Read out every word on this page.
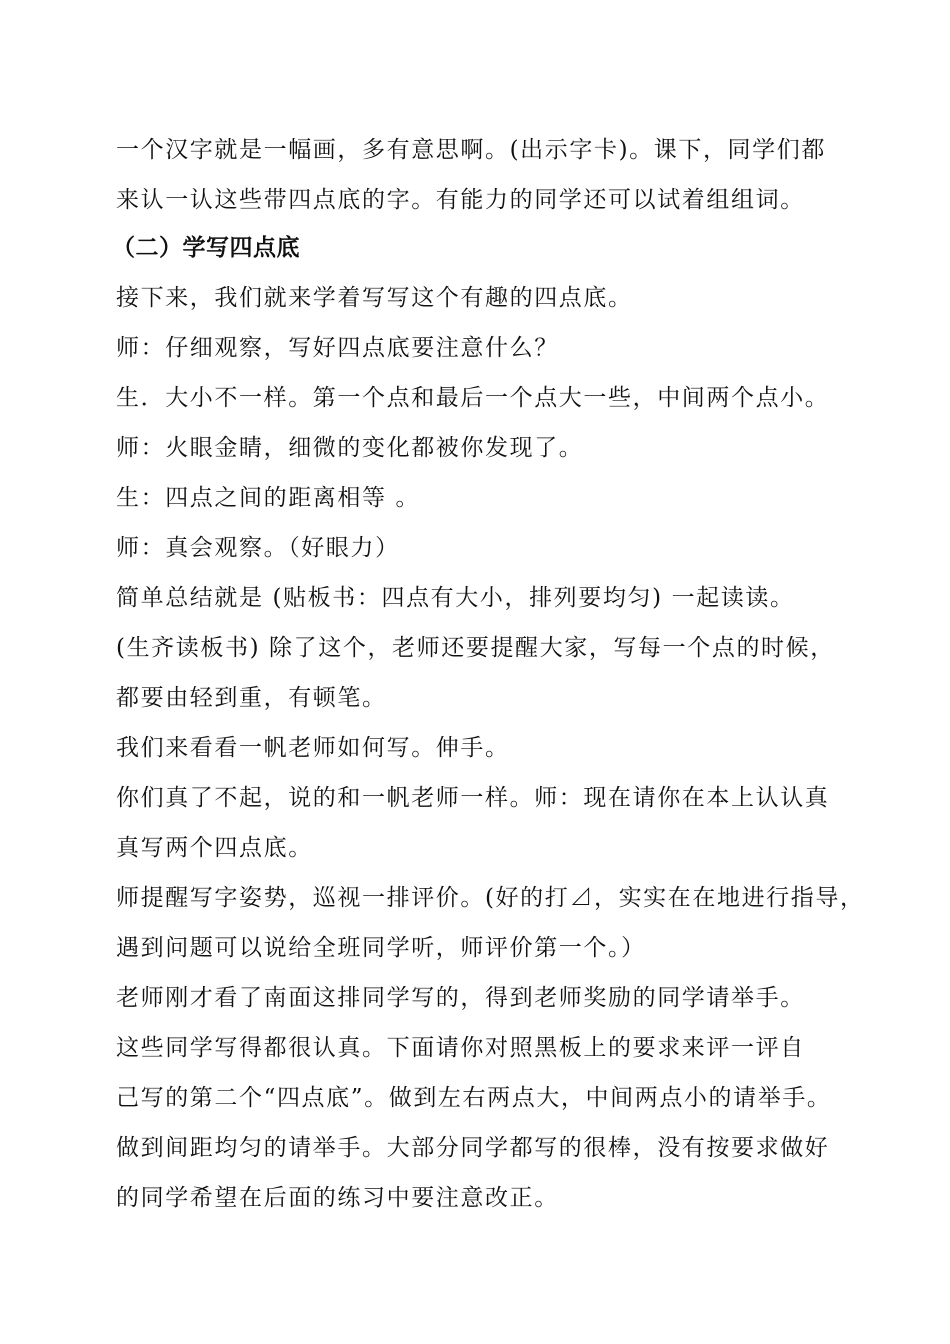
一个汉字就是一幅画，多有意思啊。(出示字卡)。课下，同学们都
来认一认这些带四点底的字。有能力的同学还可以试着组组词。
（二）学写四点底
接下来，我们就来学着写写这个有趣的四点底。
师：仔细观察，写好四点底要注意什么？
生．大小不一样。第一个点和最后一个点大一些，中间两个点小。
师：火眼金睛，细微的变化都被你发现了。
生：四点之间的距离相等 。
师：真会观察。（好眼力）
简单总结就是 (贴板书：四点有大小，排列要均匀) 一起读读。
(生齐读板书) 除了这个，老师还要提醒大家，写每一个点的时候，
都要由轻到重，有顿笔。
我们来看看一帆老师如何写。伸手。
你们真了不起，说的和一帆老师一样。师：现在请你在本上认认真
真写两个四点底。
师提醒写字姿势，巡视一排评价。(好的打⊿，实实在在地进行指导，
遇到问题可以说给全班同学听，师评价第一个。）
老师刚才看了南面这排同学写的，得到老师奖励的同学请举手。
这些同学写得都很认真。下面请你对照黑板上的要求来评一评自
己写的第二个“四点底”。做到左右两点大，中间两点小的请举手。
做到间距均匀的请举手。大部分同学都写的很棒，没有按要求做好
的同学希望在后面的练习中要注意改正。
